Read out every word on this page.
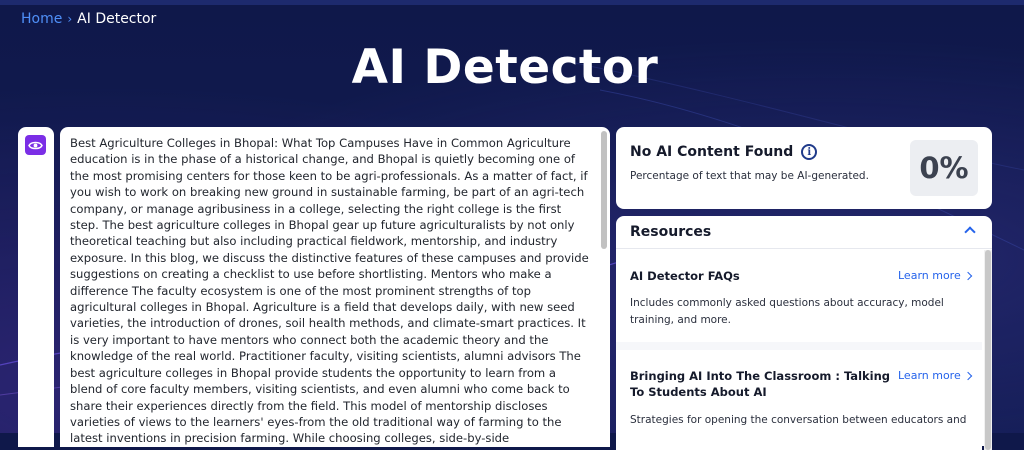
Home › AI Detector
AI Detector
Best Agriculture Colleges in Bhopal: What Top Campuses Have in Common Agriculture education is in the phase of a historical change, and Bhopal is quietly becoming one of the most promising centers for those keen to be agri-professionals. As a matter of fact, if you wish to work on breaking new ground in sustainable farming, be part of an agri-tech company, or manage agribusiness in a college, selecting the right college is the first step. The best agriculture colleges in Bhopal gear up future agriculturalists by not only theoretical teaching but also including practical fieldwork, mentorship, and industry exposure. In this blog, we discuss the distinctive features of these campuses and provide suggestions on creating a checklist to use before shortlisting. Mentors who make a difference The faculty ecosystem is one of the most prominent strengths of top agricultural colleges in Bhopal. Agriculture is a field that develops daily, with new seed varieties, the introduction of drones, soil health methods, and climate-smart practices. It is very important to have mentors who connect both the academic theory and the knowledge of the real world. Practitioner faculty, visiting scientists, alumni advisors The best agriculture colleges in Bhopal provide students the opportunity to learn from a blend of core faculty members, visiting scientists, and even alumni who come back to share their experiences directly from the field. This model of mentorship discloses varieties of views to the learners' eyes-from the old traditional way of farming to the latest inventions in precision farming. While choosing colleges, side-by-side
No AI Content Found	i
Percentage of text that may be AI-generated.	0%
Resources
AI Detector FAQs	Learn more
Includes commonly asked questions about accuracy, model training, and more.
Bringing AI Into The Classroom : Talking To Students About AI
Learn more
Strategies for opening the conversation between educators and
